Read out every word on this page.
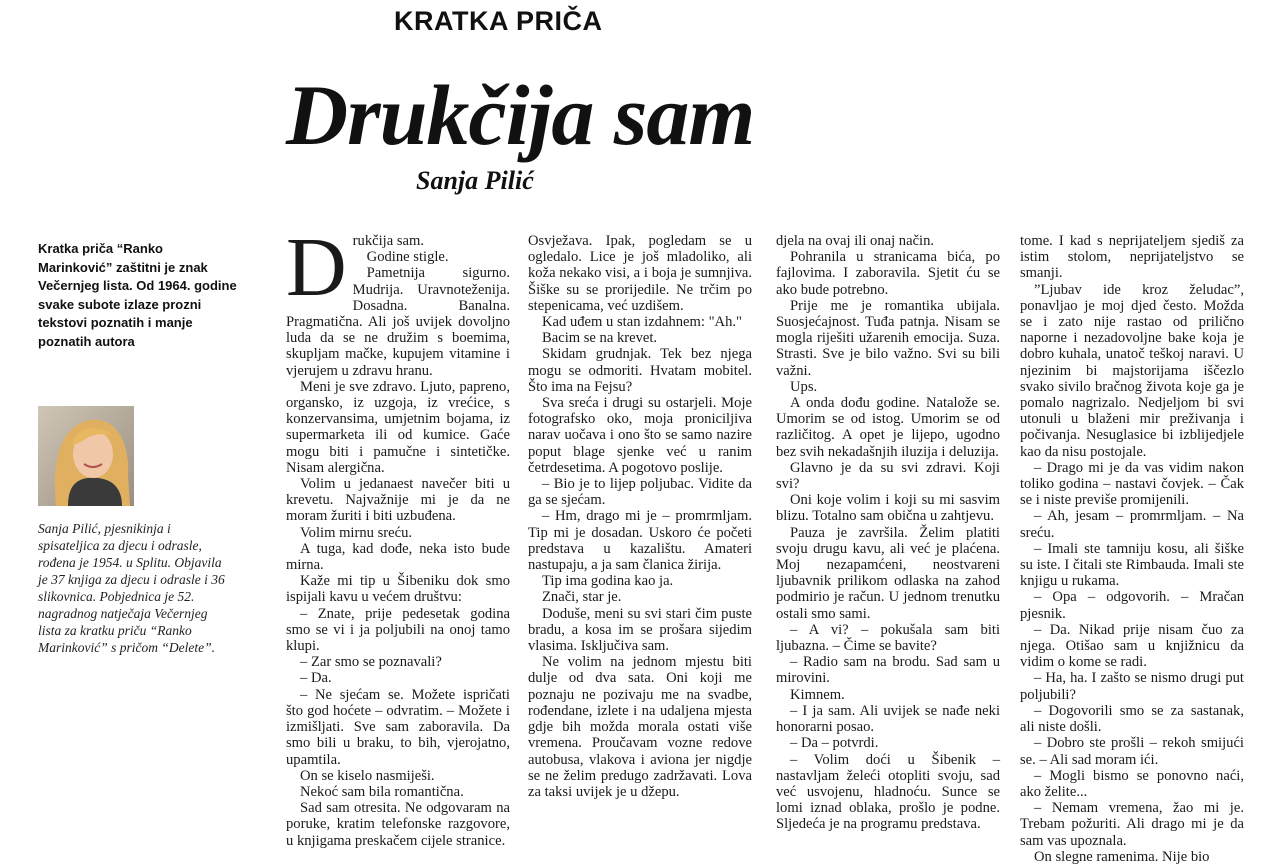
KRATKA PRIČA
Drukčija sam
Sanja Pilić
Kratka priča “Ranko Marinković” zaštitni je znak Večernjeg lista. Od 1964. godine svake subote izlaze prozni tekstovi poznatih i manje poznatih autora
Sanja Pilić, pjesnikinja i spisateljica za djecu i odrasle, rođena je 1954. u Splitu. Objavila je 37 knjiga za djecu i odrasle i 36 slikovnica. Pobjednica je 52. nagradnog natječaja Večernjeg lista za kratku priču “Ranko Marinković” s pričom “Delete”.
D rukčija sam.

Godine stigle.

Pametnija sigurno. Mudrija. Uravnoteženija. Dosadna. Banalna. Pragmatična. Ali još uvijek dovoljno luda da se ne družim s boemima, skupljam mačke, kupujem vitamine i vjerujem u zdravu hranu.

Meni je sve zdravo. Ljuto, papreno, organsko, iz uzgoja, iz vrećice, s konzervansima, umjetnim bojama, iz supermarketa ili od kumice. Gaće mogu biti i pamučne i sintetičke. Nisam alergična.

Volim u jedanaest navečer biti u krevetu. Najvažnije mi je da ne moram žuriti i biti uzbuđena.

Volim mirnu sreću.

A tuga, kad dođe, neka isto bude mirna.

Kaže mi tip u Šibeniku dok smo ispijali kavu u većem društvu:

– Znate, prije pedesetak godina smo se vi i ja poljubili na onoj tamo klupi.

– Zar smo se poznavali?

– Da.

– Ne sjećam se. Možete ispričati što god hoćete – odvratim. – Možete i izmišljati. Sve sam zaboravila. Da smo bili u braku, to bih, vjerojatno, upamtila.

On se kiselo nasmiješi.

Nekoć sam bila romantična.

Sad sam otresita. Ne odgovaram na poruke, kratim telefonske razgovore, u knjigama preskačem cijele stranice.

Osvježava. Ipak, pogledam se u ogledalo. Lice je još mladoliko, ali koža nekako visi, a i boja je sumnjiva. Šiške su se prorijedile. Ne trčim po stepenicama, već uzdišem.

Kad uđem u stan izdahnem: "Ah."

Bacim se na krevet.

Skidam grudnjak. Tek bez njega mogu se odmoriti. Hvatam mobitel. Što ima na Fejsu?

Sva sreća i drugi su ostarjeli. Moje fotografsko oko, moja proniciljiva narav uočava i ono što se samo nazire poput blage sjenke već u ranim četrdesetima. A pogotovo poslije.

– Bio je to lijep poljubac. Vidite da ga se sjećam.

– Hm, drago mi je – promrmljam. Tip mi je dosadan. Uskoro će početi predstava u kazalištu. Amateri nastupaju, a ja sam članica žirija.

Tip ima godina kao ja.

Znači, star je.

Doduše, meni su svi stari čim puste bradu, a kosa im se prošara sijedim vlasima. Isključiva sam.

Ne volim na jednom mjestu biti dulje od dva sata. Oni koji me poznaju ne pozivaju me na svadbe, rođendane, izlete i na udaljena mjesta gdje bih možda morala ostati više vremena. Proučavam vozne redove autobusa, vlakova i aviona jer nigdje se ne želim predugo zadržavati. Lova za taksi uvijek je u džepu.

djela na ovaj ili onaj način.

Pohranila u stranicama bića, po fajlovima. I zaboravila. Sjetit ću se ako bude potrebno.

Prije me je romantika ubijala. Suosjećajnost. Tuđa patnja. Nisam se mogla riješiti užarenih emocija. Suza. Strasti. Sve je bilo važno. Svi su bili važni.

Ups.

A onda dođu godine. Natalože se. Umorim se od istog. Umorim se od različitog. A opet je lijepo, ugodno bez svih nekadašnjih iluzija i deluzija.

Glavno je da su svi zdravi. Koji svi?

Oni koje volim i koji su mi sasvim blizu. Totalno sam obična u zahtjevu.

Pauza je završila. Želim platiti svoju drugu kavu, ali već je plaćena. Moj nezapamćeni, neostvareni ljubavnik prilikom odlaska na zahod podmirio je račun. U jednom trenutku ostali smo sami.

– A vi? – pokušala sam biti ljubazna. – Čime se bavite?

– Radio sam na brodu. Sad sam u mirovini.

Kimnem.

– I ja sam. Ali uvijek se nađe neki honorarni posao.

– Da – potvrdi.

– Volim doći u Šibenik – nastavljam želeći otopliti svoju, sad već usvojenu, hladnoću. Sunce se lomi iznad oblaka, prošlo je podne. Sljedeća je na programu predstava.

tome. I kad s neprijateljem sjediš za istim stolom, neprijateljstvo se smanji.

”Ljubav ide kroz želudac”, ponavljao je moj djed često. Možda se i zato nije rastao od prilično naporne i nezadovoljne bake koja je dobro kuhala, unatoč teškoj naravi. U njezinim bi majstorijama iščezlo svako sivilo bračnog života koje ga je pomalo nagrizalo. Nedjeljom bi svi utonuli u blaženi mir preživanja i počivanja. Nesuglasice bi izblijedjele kao da nisu postojale.

– Drago mi je da vas vidim nakon toliko godina – nastavi čovjek. – Čak se i niste previše promijenili.

– Ah, jesam – promrmljam. – Na sreću.

– Imali ste tamniju kosu, ali šiške su iste. I čitali ste Rimbauda. Imali ste knjigu u rukama.

– Opa – odgovorih. – Mračan pjesnik.

– Da. Nikad prije nisam čuo za njega. Otišao sam u knjižnicu da vidim o kome se radi.

– Ha, ha. I zašto se nismo drugi put poljubili?

– Dogovorili smo se za sastanak, ali niste došli.

– Dobro ste prošli – rekoh smijući se. – Ali sad moram ići.

– Mogli bismo se ponovno naći, ako želite...

– Nemam vremena, žao mi je. Trebam požuriti. Ali drago mi je da sam vas upoznala.

On slegne ramenima. Nije bio
